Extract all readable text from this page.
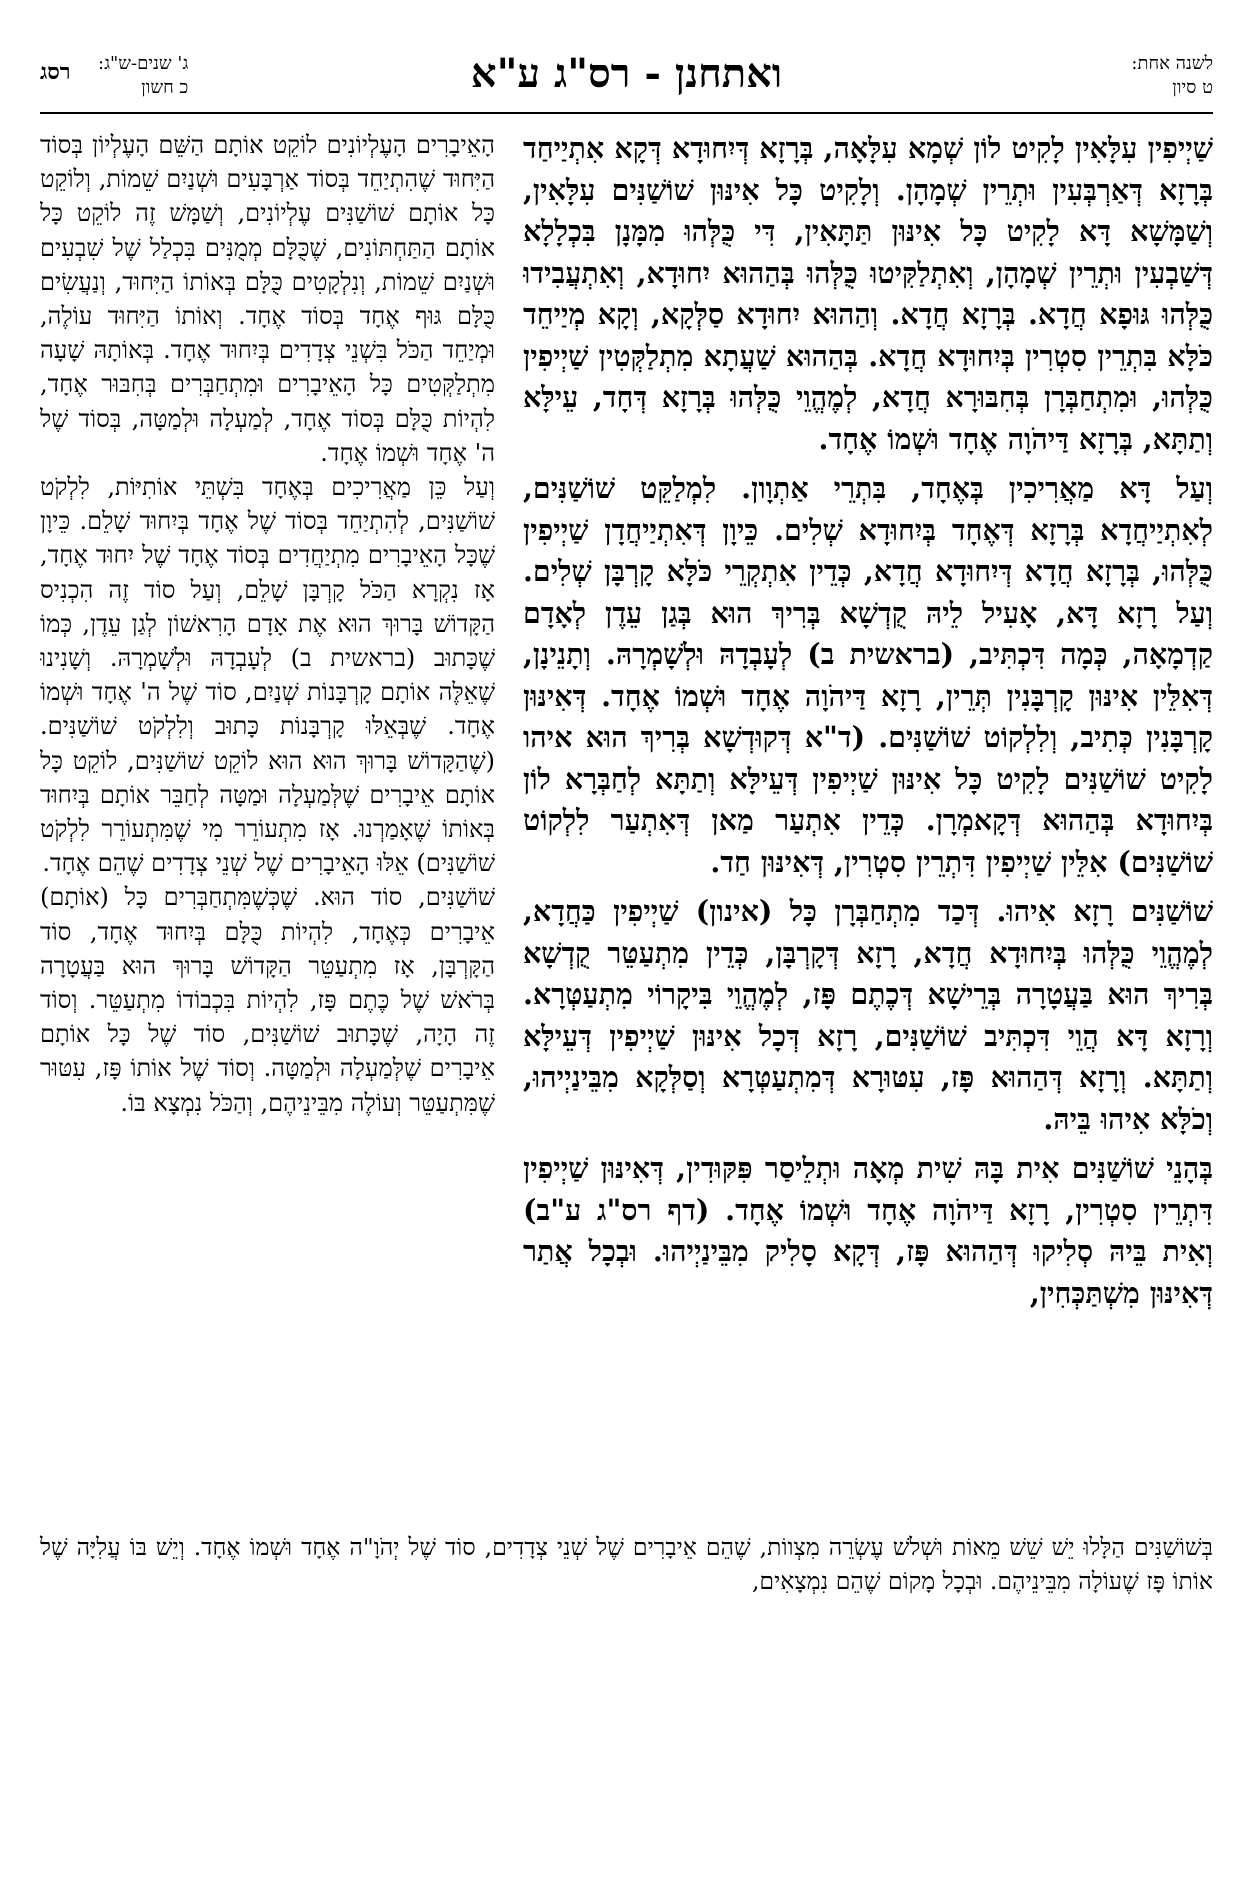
לשנה אחת:
ט סיון
ואתחנן - רס"ג ע"א
ג' שנים-ש"ג:
כ חשון
רסג

שַׁיְיפִין עִלָּאִין לָקִיט לוֹן שְׁמָא עִלָּאָה, בְּרָזָא דְּיִחוּדָא דְּקָא אִתְיַיחַד בְּרָזָא דְּאַרְבְּעִין וּתְרֵין שְׁמָהָן. וְלָקִיט כָּל אִינּוּן שׁוֹשַׁנִּים עִלָּאִין, וְשַׁמָּשָׁא דָּא לָקִיט כָּל אִינּוּן תַּתָּאִין, דִּי כֻּלְּהוּ מִמָּנָן בִּכְלָלָא דְּשַׁבְעִין וּתְרֵין שְׁמָהָן, וְאִתְלַקִּיטוּ כֻּלְּהוּ בְּהַהוּא יִחוּדָא, וְאִתְעֲבִידוּ כֻּלְּהוּ גּוּפָא חֲדָא. בְּרָזָא חֲדָא. וְהַהוּא יִחוּדָא סַלְּקָא, וְקָא מְיַיחֵד כֹּלָּא בִּתְרֵין סִטְרִין בְּיִחוּדָא חֲדָא. בְּהַהוּא שַׁעֲתָא מִתְלַקְּטִין שַׁיְיפִין כֻּלְּהוּ, וּמִתְחַבְּרָן בְּחִבּוּרָא חֲדָא, לְמֶהֱוֵי כֻּלְּהוּ בְּרָזָא דְּחָד, עֵילָּא וְתַתָּא, בְּרָזָא דַּיהֹוָה אֶחָד וּשְׁמוֹ אֶחָד.

וְעַל דָּא מַאֲרִיכִין בְּאֶחָד, בִּתְרֵי אַתְוָון. לִמְלַקֵּט שׁוֹשַׁנִּים, לְאִתְיַיחֲדָא בְּרָזָא דְּאֶחָד בְּיִחוּדָא שְׁלִים. כֵּיוָן דְּאִתְיַיחֲדָן שַׁיְיפִין כֻּלְּהוּ, בְּרָזָא חֲדָא דְּיִחוּדָא חֲדָא, כְּדֵין אִתְקְרֵי כֹּלָּא קָרְבָּן שְׁלִים. וְעַל רָזָא דָּא, אָעִיל לֵיהּ קֻדְשָׁא בְּרִיךְ הוּא בְּגַן עֵדֶן לְאָדָם קַדְמָאָה, כְּמָה דִּכְתִּיב, (בראשית ב) לְעָבְדָהּ וּלְשָׁמְרָהּ. וְתָנֵינָן, דְּאִלֵּין אִינּוּן קָרְבָּנִין תְּרֵין, רָזָא דַּיהֹוָה אֶחָד וּשְׁמוֹ אֶחָד. דְּאִינּוּן קָרְבָּנִין כְּתִיב, וְלִלְקוֹט שׁוֹשַׁנִּים. (ד"א דְּקוּדְשָׁא בְּרִיךְ הוּא איהו לָקִיט שׁוֹשַׁנִּים לָקִיט כָּל אִינּוּן שַׁיְיפִין דְּעֵילָּא וְתַתָּא לְחַבְּרָא לוֹן בְּיִחוּדָא בְּהַהוּא דְּקָאמְרָן. כְּדֵין אִתְעַר מַאן דְּאִתְעַר לִלְקוֹט שׁוֹשַׁנִּים) אִלֵּין שַׁיְיפִין דִּתְרֵין סִטְרִין, דְּאִינּוּן חַד.

שׁוֹשַׁנִּים רָזָא אִיהוּ. דְּכַד מִתְחַבְּרָן כָּל (אינון) שַׁיְיפִין כַּחֲדָא, לְמֶהֱוֵי כֻּלְּהוּ בְּיִחוּדָא חֲדָא, רָזָא דְּקָרְבָּן, כְּדֵין מִתְעַטֵּר קֻדְשָׁא בְּרִיךְ הוּא בַּעֲטָרָה בְּרֵישָׁא דְּכֶתֶם פָּז, לְמֶהֱוֵי בִּיקָרוֹי מִתְעַטְּרָא. וְרָזָא דָּא הֲוֵי דִּכְתִּיב שׁוֹשַׁנִּים, רָזָא דְּכָל אִינּוּן שַׁיְיפִין דְּעֵילָּא וְתַתָּא. וְרָזָא דְּהַהוּא פָּז, עִטּוּרָא דְּמִתְעַטְּרָא וְסַלְּקָא מִבֵּינַיְיהוּ, וְכֹלָּא אִיהוּ בֵּיהּ.

בְּהָנֵי שׁוֹשַׁנִּים אִית בָּהּ שִׁית מְאָה וּתְלֵיסַר פִּקּוּדִין, דְּאִינּוּן שַׁיְיפִין דִּתְרֵין סִטְרִין, רָזָא דַּיהֹוָה אֶחָד וּשְׁמוֹ אֶחָד. (דף רס"ג ע"ב) וְאִית בֵּיהּ סְלִיקוּ דְּהַהוּא פָּז, דְּקָא סָלִיק מִבֵּינַיְיהוּ. וּבְכָל אֲתַר דְּאִינּוּן מִשְׁתַּכְּחִין,

הָאֵיבָרִים הָעֶלְיוֹנִים לוֹקֵט אוֹתָם הַשֵּׁם הָעֶלְיוֹן בְּסוֹד הַיִּחוּד שֶׁהִתְיַחֵד בְּסוֹד אַרְבָּעִים וּשְׁנַיִם שֵׁמוֹת, וְלוֹקֵט כָּל אוֹתָם שׁוֹשַׁנִּים עֶלְיוֹנִים, וְשַׁמָּשׁ זֶה לוֹקֵט כָּל אוֹתָם הַתַּחְתּוֹנִים, שֶׁכֻּלָּם מְמֻנִּים בִּכְלַל שֶׁל שִׁבְעִים וּשְׁנַיִם שֵׁמוֹת, וְנִלְקָטִים כֻּלָּם בְּאוֹתוֹ הַיִּחוּד, וְנַעֲשִׂים כֻּלָּם גּוּף אֶחָד בְּסוֹד אֶחָד. וְאוֹתוֹ הַיִּחוּד עוֹלֶה, וּמְיַחֵד הַכֹּל בִּשְׁנֵי צְדָדִים בְּיִחוּד אֶחָד. בְּאוֹתָהּ שָׁעָה מִתְלַקְּטִים כָּל הָאֵיבָרִים וּמִתְחַבְּרִים בְּחִבּוּר אֶחָד, לִהְיוֹת כֻּלָּם בְּסוֹד אֶחָד, לְמַעְלָה וּלְמַטָּה, בְּסוֹד שֶׁל ה' אֶחָד וּשְׁמוֹ אֶחָד.

וְעַל כֵּן מַאֲרִיכִים בְּאֶחָד בִּשְׁתֵּי אוֹתִיּוֹת, לִלְקֹט שׁוֹשַׁנִּים, לְהִתְיַחֵד בְּסוֹד שֶׁל אֶחָד בְּיִחוּד שָׁלֵם. כֵּיוָן שֶׁכָּל הָאֵיבָרִים מִתְיַחֲדִים בְּסוֹד אֶחָד שֶׁל יִחוּד אֶחָד, אָז נִקְרָא הַכֹּל קָרְבָּן שָׁלֵם, וְעַל סוֹד זֶה הִכְנִיס הַקָּדוֹשׁ בָּרוּךְ הוּא אֶת אָדָם הָרִאשׁוֹן לְגַן עֵדֶן, כְּמוֹ שֶׁכָּתוּב (בראשית ב) לְעָבְדָהּ וּלְשָׁמְרָהּ. וְשָׁנִינוּ שֶׁאֵלֶּה אוֹתָם קָרְבָּנוֹת שְׁנַיִם, סוֹד שֶׁל ה' אֶחָד וּשְׁמוֹ אֶחָד. שֶׁבְּאֵלּוּ קָרְבָּנוֹת כָּתוּב וְלִלְקֹט שׁוֹשַׁנִּים. (שֶׁהַקָּדוֹשׁ בָּרוּךְ הוּא הוּא לוֹקֵט שׁוֹשַׁנִּים, לוֹקֵט כָּל אוֹתָם אֵיבָרִים שֶׁלְּמַעְלָה וּמַטָּה לְחַבֵּר אוֹתָם בְּיִחוּד בְּאוֹתוֹ שֶׁאָמַרְנוּ. אָז מִתְעוֹרֵר מִי שֶׁמִּתְעוֹרֵר לִלְקֹט שׁוֹשַׁנִּים) אֵלּוּ הָאֵיבָרִים שֶׁל שְׁנֵי צְדָדִים שֶׁהֵם אֶחָד.

שׁוֹשַׁנִּים, סוֹד הוּא. שֶׁכְּשֶׁמִּתְחַבְּרִים כָּל (אוֹתָם) אֵיבָרִים כְּאֶחָד, לִהְיוֹת כֻּלָּם בְּיִחוּד אֶחָד, סוֹד הַקָּרְבָּן, אָז מִתְעַטֵּר הַקָּדוֹשׁ בָּרוּךְ הוּא בַּעֲטָרָה בְּרֹאשׁ שֶׁל כֶּתֶם פָּז, לִהְיוֹת בִּכְבוֹדוֹ מִתְעַטֵּר. וְסוֹד זֶה הָיָה, שֶׁכָּתוּב שׁוֹשַׁנִּים, סוֹד שֶׁל כָּל אוֹתָם אֵיבָרִים שֶׁלְּמַעְלָה וּלְמַטָּה. וְסוֹד שֶׁל אוֹתוֹ פָּז, עִטּוּר שֶׁמִּתְעַטֵּר וְעוֹלֶה מִבֵּינֵיהֶם, וְהַכֹּל נִמְצָא בּוֹ.

בְּשׁוֹשַׁנִּים הַלָּלוּ יֵשׁ שֵׁשׁ מֵאוֹת וּשְׁלֹשׁ עֶשְׂרֵה מִצְווֹת, שֶׁהֵם אֵיבָרִים שֶׁל שְׁנֵי צְדָדִים, סוֹד שֶׁל יְהֹוָ"ה אֶחָד וּשְׁמוֹ אֶחָד. וְיֵשׁ בּוֹ עֲלִיָּה שֶׁל אוֹתוֹ פָּז שֶׁעוֹלָה מִבֵּינֵיהֶם. וּבְכָל מָקוֹם שֶׁהֵם נִמְצָאִים,
